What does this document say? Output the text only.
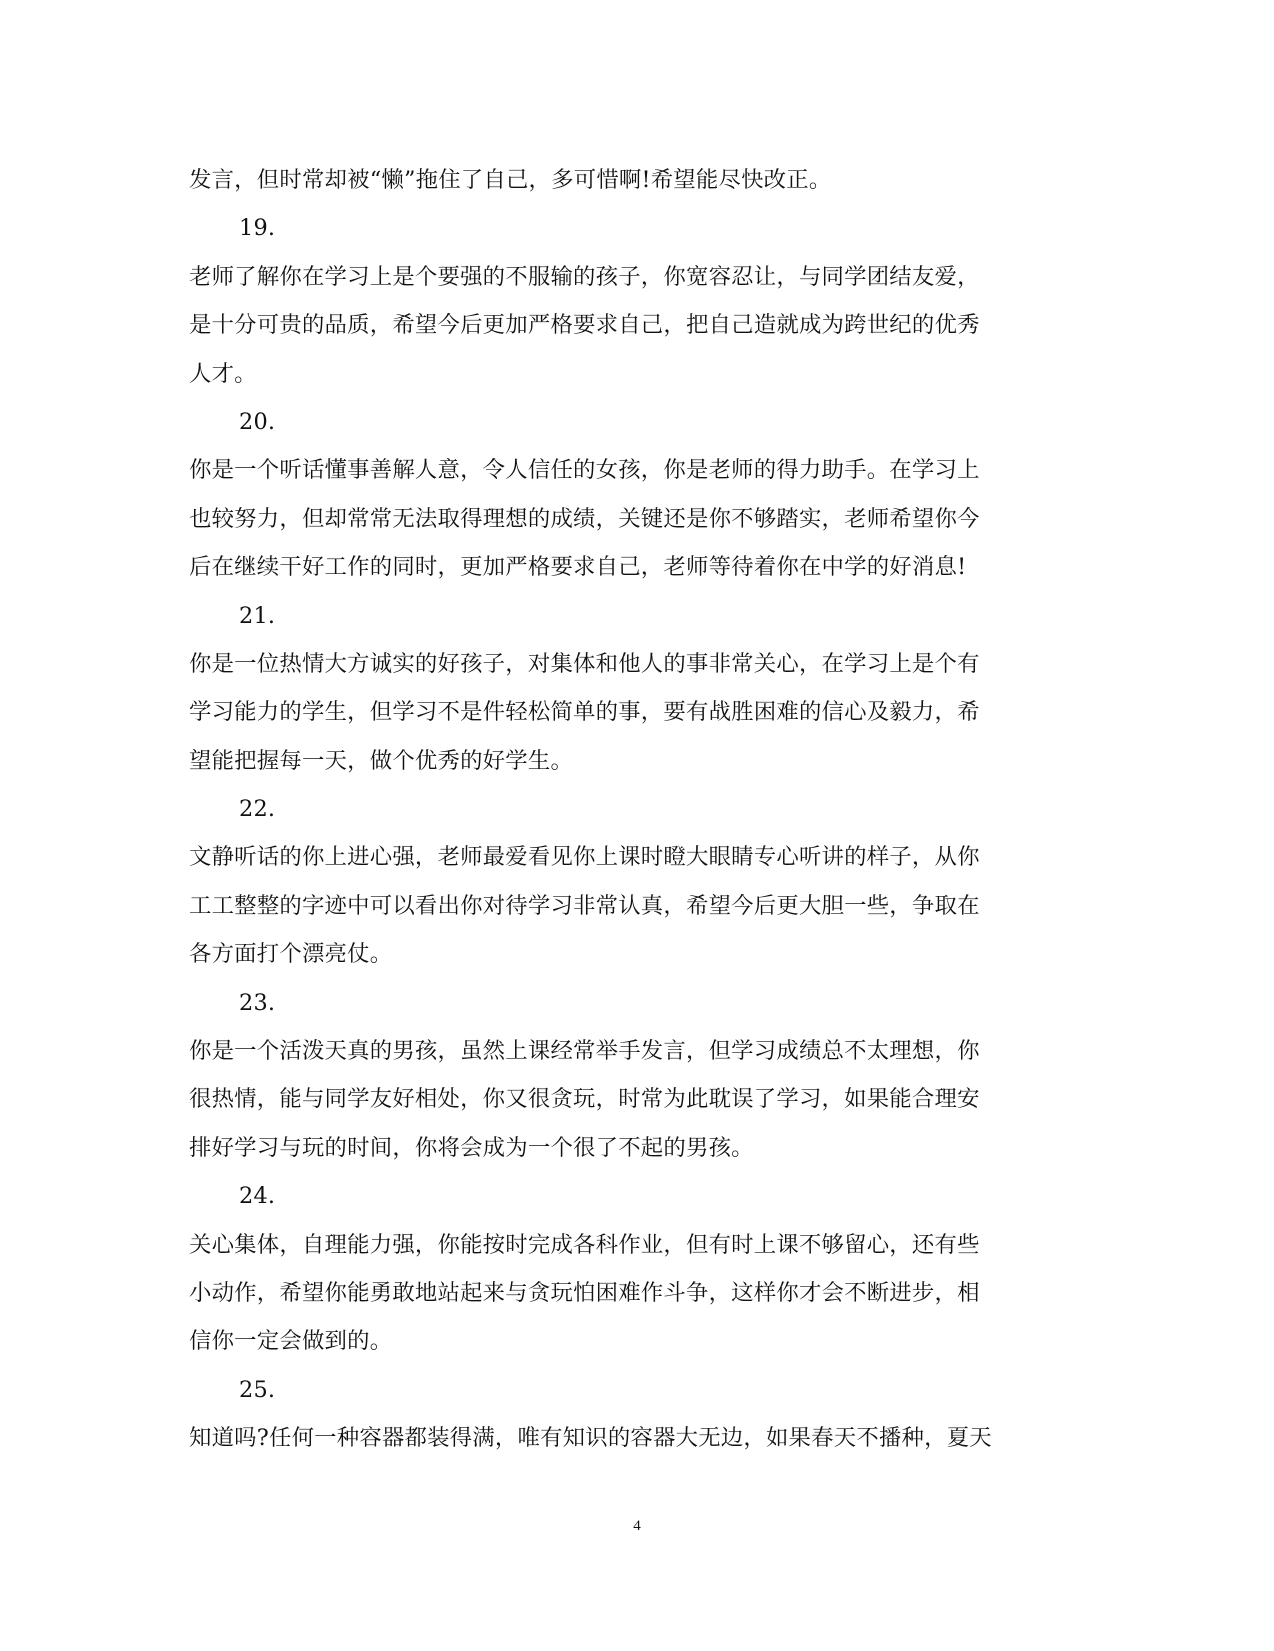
发言，但时常却被“懒”拖住了自己，多可惜啊!希望能尽快改正。
19.
老师了解你在学习上是个要强的不服输的孩子，你宽容忍让，与同学团结友爱，
是十分可贵的品质，希望今后更加严格要求自己，把自己造就成为跨世纪的优秀
人才。
20.
你是一个听话懂事善解人意，令人信任的女孩，你是老师的得力助手。在学习上
也较努力，但却常常无法取得理想的成绩，关键还是你不够踏实，老师希望你今
后在继续干好工作的同时，更加严格要求自己，老师等待着你在中学的好消息!
21.
你是一位热情大方诚实的好孩子，对集体和他人的事非常关心，在学习上是个有
学习能力的学生，但学习不是件轻松简单的事，要有战胜困难的信心及毅力，希
望能把握每一天，做个优秀的好学生。
22.
文静听话的你上进心强，老师最爱看见你上课时瞪大眼睛专心听讲的样子，从你
工工整整的字迹中可以看出你对待学习非常认真，希望今后更大胆一些，争取在
各方面打个漂亮仗。
23.
你是一个活泼天真的男孩，虽然上课经常举手发言，但学习成绩总不太理想，你
很热情，能与同学友好相处，你又很贪玩，时常为此耽误了学习，如果能合理安
排好学习与玩的时间，你将会成为一个很了不起的男孩。
24.
关心集体，自理能力强，你能按时完成各科作业，但有时上课不够留心，还有些
小动作，希望你能勇敢地站起来与贪玩怕困难作斗争，这样你才会不断进步，相
信你一定会做到的。
25.
知道吗?任何一种容器都装得满，唯有知识的容器大无边，如果春天不播种，夏天
4
